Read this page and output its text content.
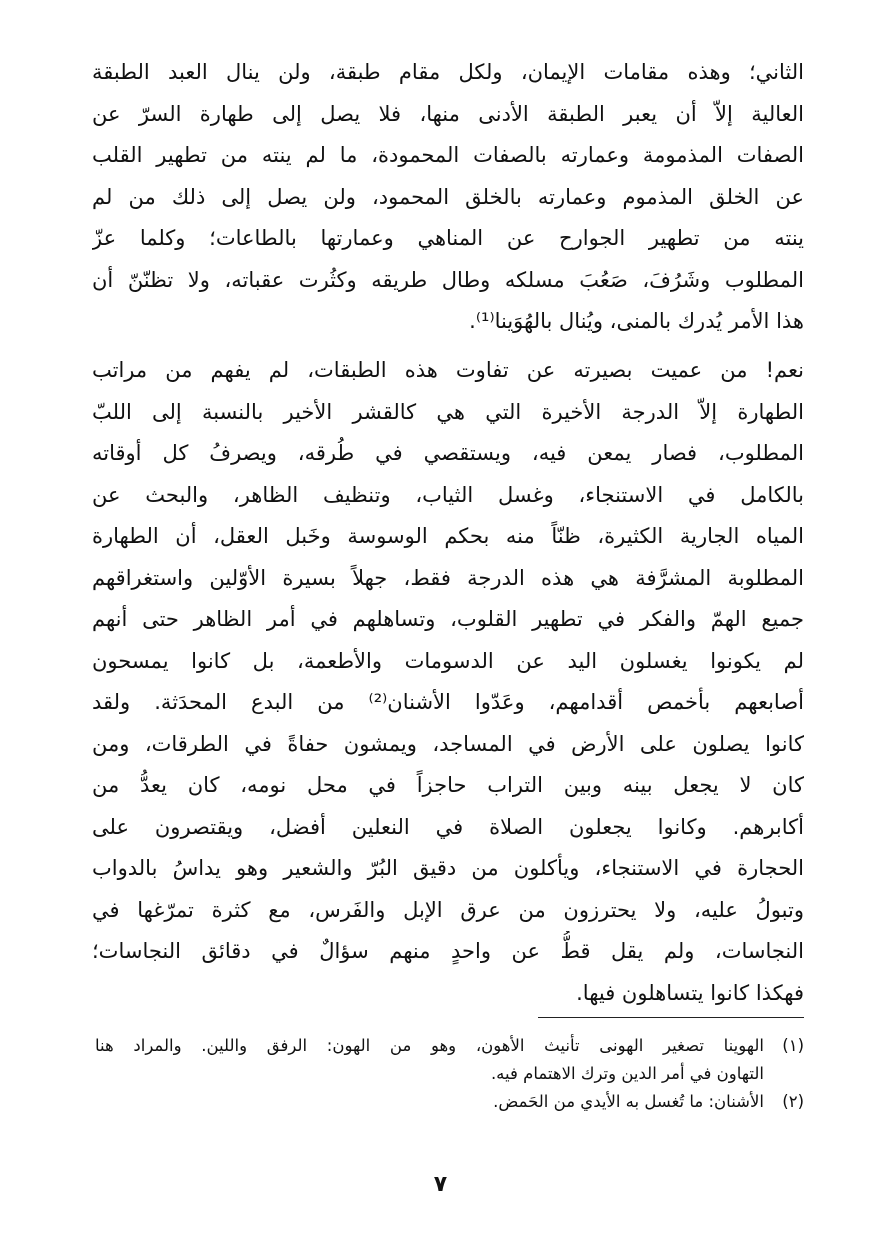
الثاني؛ وهذه مقامات الإيمان، ولكل مقام طبقة، ولن ينال العبد الطبقة
العالية إلاّ أن يعبر الطبقة الأدنى منها، فلا يصل إلى طهارة السرّ عن
الصفات المذمومة وعمارته بالصفات المحمودة، ما لم ينته من تطهير القلب
عن الخلق المذموم وعمارته بالخلق المحمود، ولن يصل إلى ذلك من لم
ينته من تطهير الجوارح عن المناهي وعمارتها بالطاعات؛ وكلما عزّ
المطلوب وشَرُفَ، صَعُبَ مسلكه وطال طريقه وكثُرت عقباته، ولا تظنّنّ أن
هذا الأمر يُدرك بالمنى، ويُنال بالهُوَينا⁽¹⁾.
نعم! من عميت بصيرته عن تفاوت هذه الطبقات، لم يفهم من مراتب
الطهارة إلاّ الدرجة الأخيرة التي هي كالقشر الأخير بالنسبة إلى اللبّ
المطلوب، فصار يمعن فيه، ويستقصي في طُرقه، ويصرفُ كل أوقاته
بالكامل في الاستنجاء، وغسل الثياب، وتنظيف الظاهر، والبحث عن
المياه الجارية الكثيرة، ظنّاً منه بحكم الوسوسة وخَبل العقل، أن الطهارة
المطلوبة المشرَّفة هي هذه الدرجة فقط، جهلاً بسيرة الأوّلين واستغراقهم
جميع الهمّ والفكر في تطهير القلوب، وتساهلهم في أمر الظاهر حتى أنهم
لم يكونوا يغسلون اليد عن الدسومات والأطعمة، بل كانوا يمسحون
أصابعهم بأخمص أقدامهم، وعَدّوا الأشنان⁽²⁾ من البدع المحدَثة. ولقد
كانوا يصلون على الأرض في المساجد، ويمشون حفاةً في الطرقات، ومن
كان لا يجعل بينه وبين التراب حاجزاً في محل نومه، كان يعدُّ من
أكابرهم. وكانوا يجعلون الصلاة في النعلين أفضل، ويقتصرون على
الحجارة في الاستنجاء، ويأكلون من دقيق البُرّ والشعير وهو يداسُ بالدواب
وتبولُ عليه، ولا يحترزون من عرق الإبل والفَرس، مع كثرة تمرّغها في
النجاسات، ولم يقل قطُّ عن واحدٍ منهم سؤالٌ في دقائق النجاسات؛
فهكذا كانوا يتساهلون فيها.
(١)الهوينا تصغير الهونى تأنيث الأهون، وهو من الهون: الرفق واللين. والمراد هنا
التهاون في أمر الدين وترك الاهتمام فيه.
(٢)الأشنان: ما تُغسل به الأيدي من الحَمض.
٧
